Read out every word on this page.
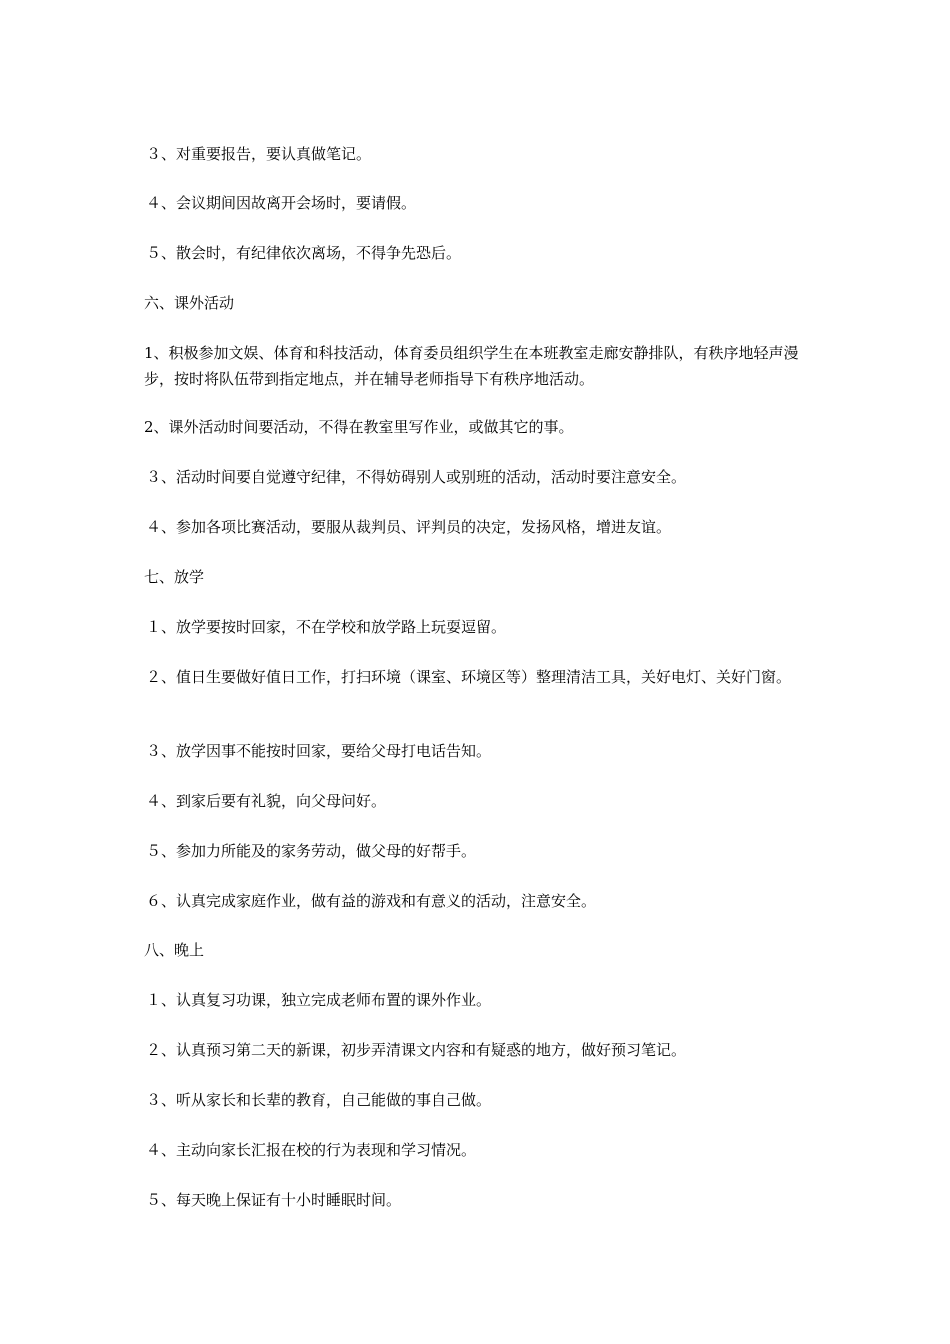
３、对重要报告，要认真做笔记。

４、会议期间因故离开会场时，要请假。

５、散会时，有纪律依次离场，不得争先恐后。

六、课外活动

1、积极参加文娱、体育和科技活动，体育委员组织学生在本班教室走廊安静排队，有秩序地轻声漫步，按时将队伍带到指定地点，并在辅导老师指导下有秩序地活动。

2、课外活动时间要活动，不得在教室里写作业，或做其它的事。

３、活动时间要自觉遵守纪律，不得妨碍别人或别班的活动，活动时要注意安全。

４、参加各项比赛活动，要服从裁判员、评判员的决定，发扬风格，增进友谊。

七、放学

１、放学要按时回家，不在学校和放学路上玩耍逗留。

２、值日生要做好值日工作，打扫环境（课室、环境区等）整理清洁工具，关好电灯、关好门窗。

３、放学因事不能按时回家，要给父母打电话告知。

４、到家后要有礼貌，向父母问好。

５、参加力所能及的家务劳动，做父母的好帮手。

６、认真完成家庭作业，做有益的游戏和有意义的活动，注意安全。

八、晚上

１、认真复习功课，独立完成老师布置的课外作业。

２、认真预习第二天的新课，初步弄清课文内容和有疑惑的地方，做好预习笔记。

３、听从家长和长辈的教育，自己能做的事自己做。

４、主动向家长汇报在校的行为表现和学习情况。

５、每天晚上保证有十小时睡眠时间。
